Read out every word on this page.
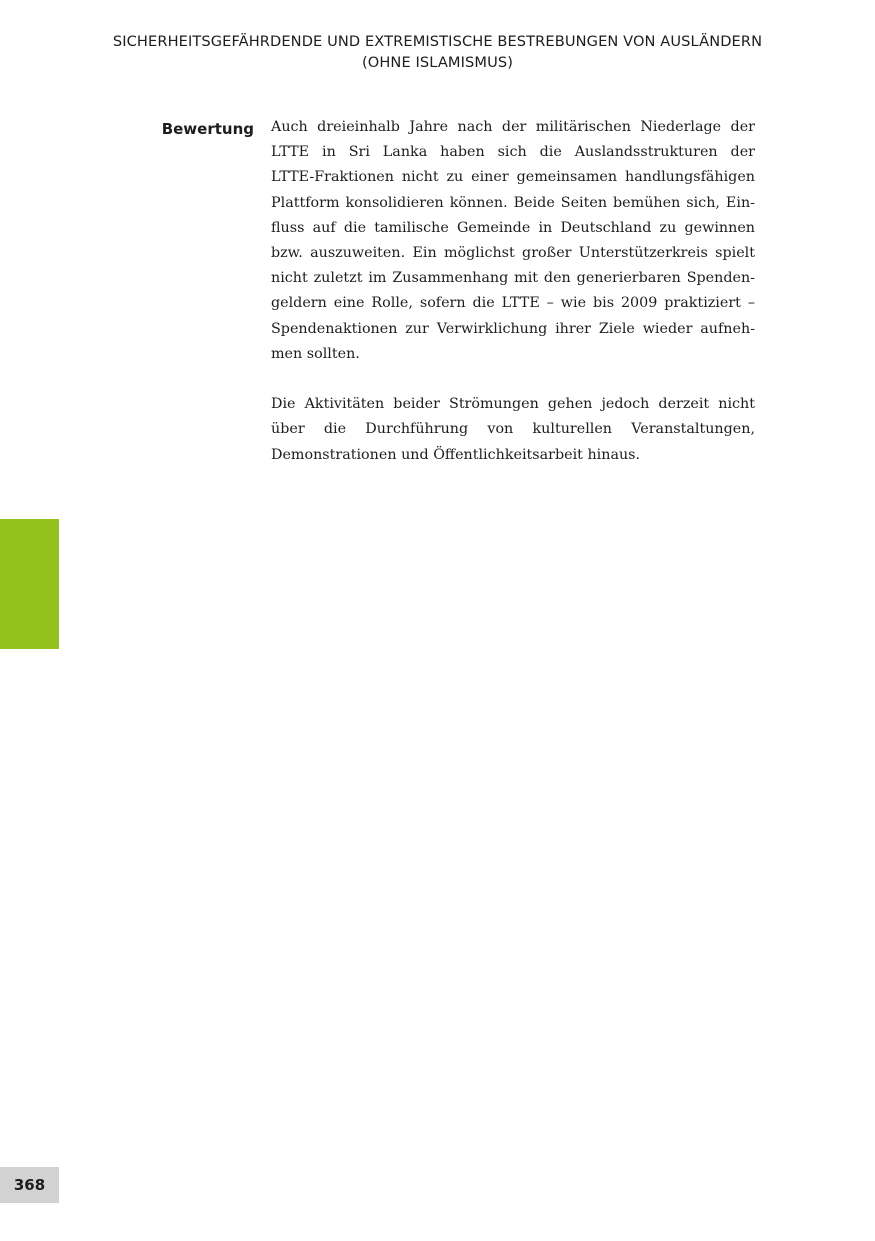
SICHERHEITSGEFÄHRDENDE UND EXTREMISTISCHE BESTREBUNGEN VON AUSLÄNDERN
(OHNE ISLAMISMUS)
Bewertung Auch dreieinhalb Jahre nach der militärischen Niederlage der
LTTE in Sri Lanka haben sich die Auslandsstrukturen der
LTTE-Fraktionen nicht zu einer gemeinsamen handlungsfähigen
Plattform konsolidieren können. Beide Seiten bemühen sich, Ein-
fluss auf die tamilische Gemeinde in Deutschland zu gewinnen
bzw. auszuweiten. Ein möglichst großer Unterstützerkreis spielt
nicht zuletzt im Zusammenhang mit den generierbaren Spenden-
geldern eine Rolle, sofern die LTTE – wie bis 2009 praktiziert –
Spendenaktionen zur Verwirklichung ihrer Ziele wieder aufneh-
men sollten.

Die Aktivitäten beider Strömungen gehen jedoch derzeit nicht
über die Durchführung von kulturellen Veranstaltungen,
Demonstrationen und Öffentlichkeitsarbeit hinaus.

368
